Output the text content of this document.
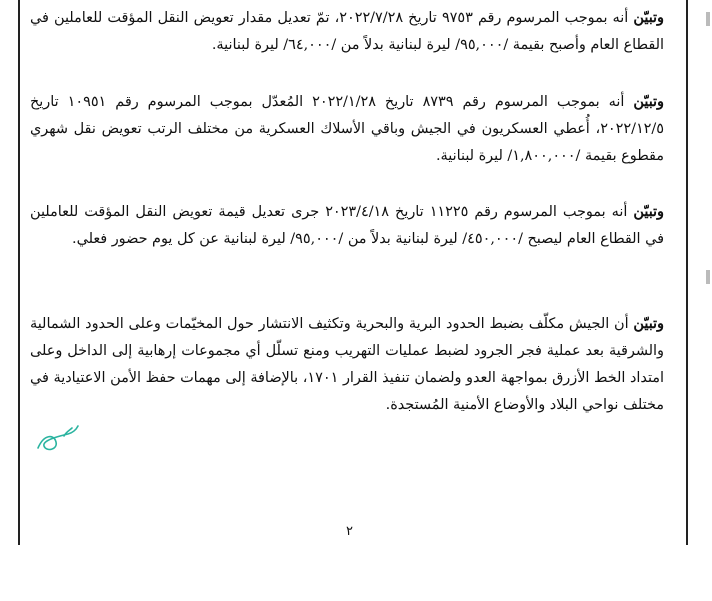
وتبيّن أنه بموجب المرسوم رقم ٩٧٥٣ تاريخ ٢٠٢٢/٧/٢٨، تمّ تعديل مقدار تعويض النقل المؤقت للعاملين في القطاع العام وأصبح بقيمة /٩٥,٠٠٠/ ليرة لبنانية بدلاً من /٦٤,٠٠٠/ ليرة لبنانية.

وتبيّن أنه بموجب المرسوم رقم ٨٧٣٩ تاريخ ٢٠٢٢/١/٢٨ المُعدّل بموجب المرسوم رقم ١٠٩٥١ تاريخ ٢٠٢٢/١٢/٥، أُعطي العسكريون في الجيش وباقي الأسلاك العسكرية من مختلف الرتب تعويض نقل شهري مقطوع بقيمة /١,٨٠٠,٠٠٠/ ليرة لبنانية.

وتبيّن أنه بموجب المرسوم رقم ١١٢٢٥ تاريخ ٢٠٢٣/٤/١٨ جرى تعديل قيمة تعويض النقل المؤقت للعاملين في القطاع العام ليصبح /٤٥٠,٠٠٠/ ليرة لبنانية بدلاً من /٩٥,٠٠٠/ ليرة لبنانية عن كل يوم حضور فعلي.

وتبيّن أن الجيش مكلّف بضبط الحدود البرية والبحرية وتكثيف الانتشار حول المخيّمات وعلى الحدود الشمالية والشرقية بعد عملية فجر الجرود لضبط عمليات التهريب ومنع تسلّل أي مجموعات إرهابية إلى الداخل وعلى امتداد الخط الأزرق بمواجهة العدو ولضمان تنفيذ القرار ١٧٠١، بالإضافة إلى مهمات حفظ الأمن الاعتيادية في مختلف نواحي البلاد والأوضاع الأمنية المُستجدة.

٢
